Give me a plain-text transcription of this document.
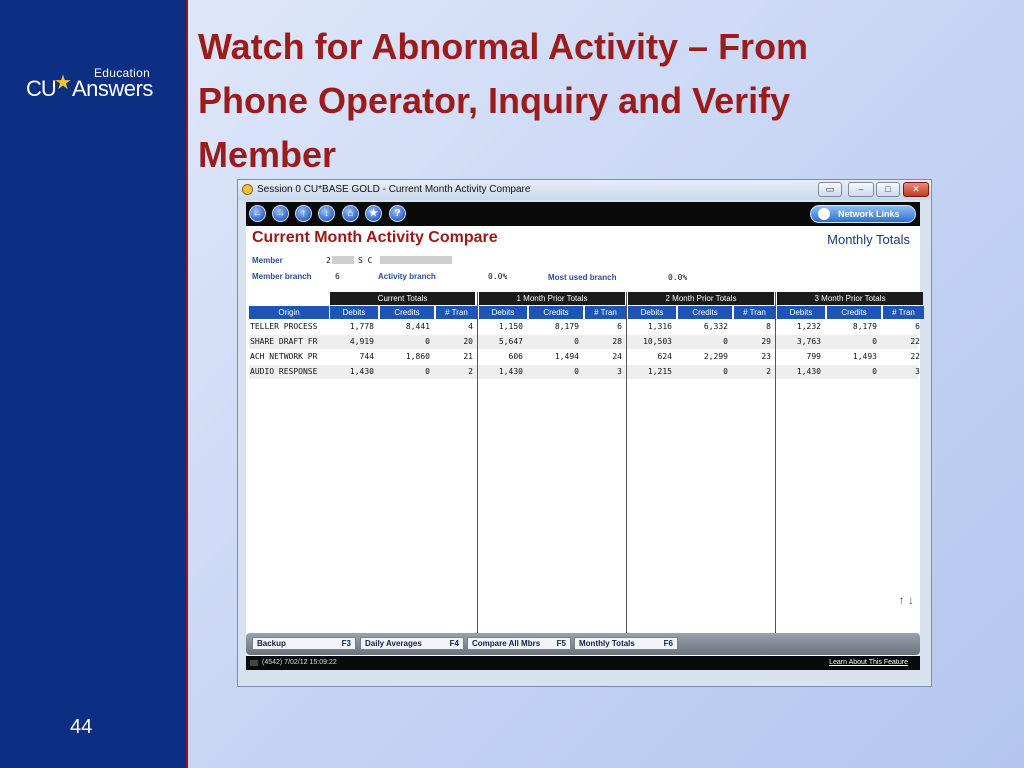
Education
CU
★ Answers
44
Watch for Abnormal Activity – From Phone Operator, Inquiry and Verify Member
Session 0 CU*BASE GOLD - Current Month Activity Compare	▭	–	□	✕
←	→	↑	↓	⌂	★	?	Network Links
Current Month Activity Compare	Monthly Totals
Member	2	S C
Member branch	6	Activity branch	0.0%	Most used branch	0.0%
Current Totals	1 Month Prior Totals	2 Month Prior Totals	3 Month Prior Totals
Origin	Debits	Credits	# Tran	Debits	Credits	# Tran	Debits	Credits	# Tran	Debits	Credits	# Tran
TELLER PROCESS	1,778	8,441	4	1,150	8,179	6	1,316	6,332	8	1,232	8,179	6
SHARE DRAFT FR	4,919	0	20	5,647	0	28	10,503	0	29	3,763	0	22
ACH NETWORK PR	744	1,860	21	606	1,494	24	624	2,299	23	799	1,493	22
AUDIO RESPONSE	1,430	0	2	1,430	0	3	1,215	0	2	1,430	0	3
↑ ↓
Backup	F3 Daily Averages	F4 Compare All Mbrs F5 Monthly Totals	F6
(4542) 7/02/12 15:09:22	Learn About This Feature
